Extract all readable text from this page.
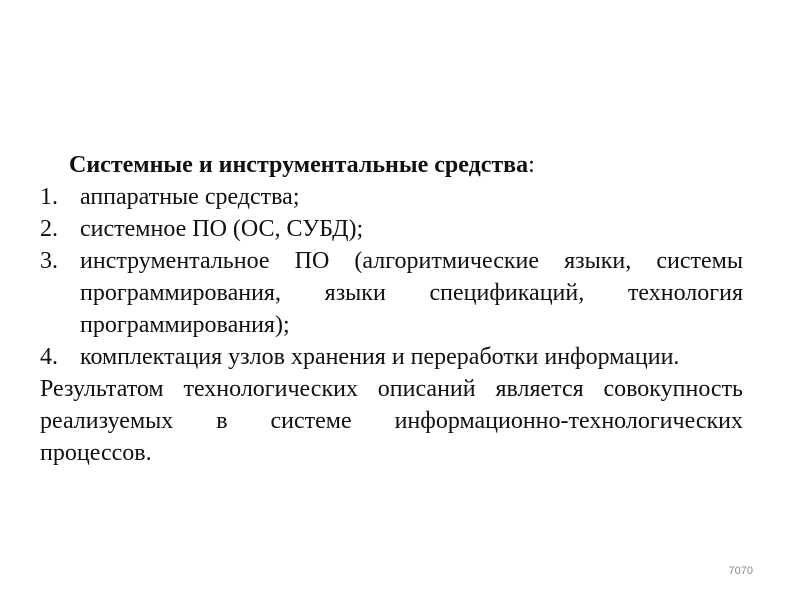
Системные и инструментальные средства:

1. аппаратные средства;
2. системное ПО (ОС, СУБД);
3. инструментальное ПО (алгоритмические языки, системы программирования, языки спецификаций, технология программирования);
4. комплектация узлов хранения и переработки информации.

Результатом технологических описаний является совокупность реализуемых в системе информационно-технологических процессов.

7070
